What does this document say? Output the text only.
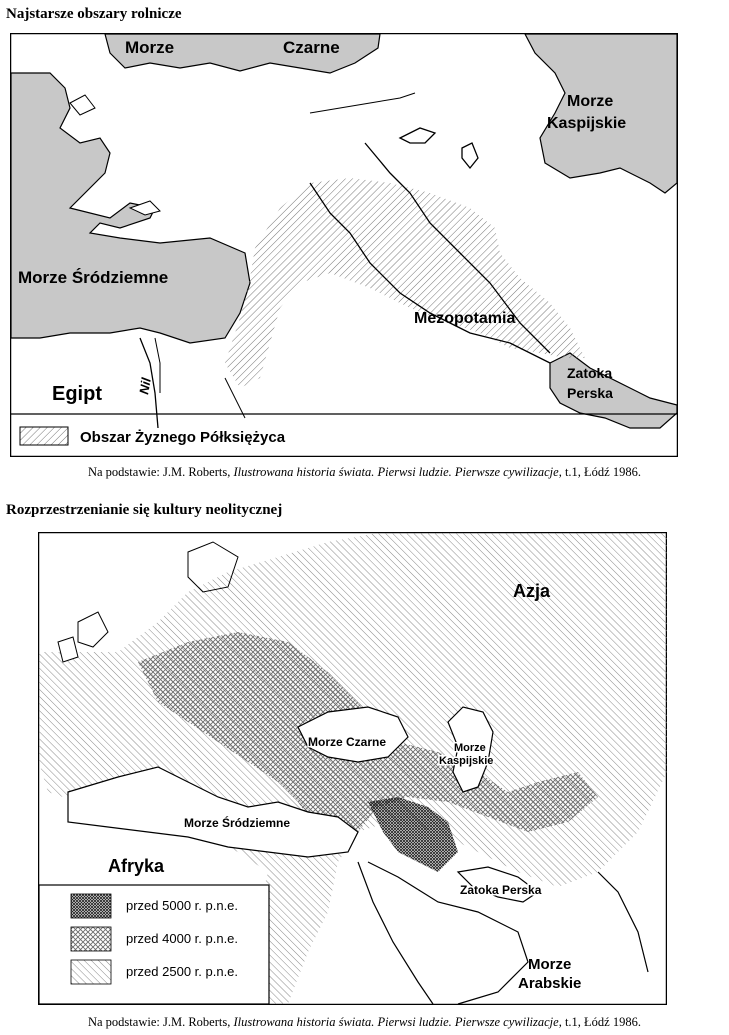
Najstarsze obszary rolnicze
Morze	Czarne
Morze
Kaspijskie
Morze Śródziemne
Mezopotamia
Zatoka
Perska
Egipt	Nil
Obszar Żyznego Półksiężyca
Na podstawie: J.M. Roberts, Ilustrowana historia świata. Pierwsi ludzie. Pierwsze cywilizacje, t.1, Łódź 1986.
Rozprzestrzenianie się kultury neolitycznej
Azja
Morze Czarne	Morze
Kaspijskie
Morze Śródziemne
Afryka
Zatoka Perska
Morze
Arabskie
przed 5000 r. p.n.e.
przed 4000 r. p.n.e.
przed 2500 r. p.n.e.
Na podstawie: J.M. Roberts, Ilustrowana historia świata. Pierwsi ludzie. Pierwsze cywilizacje, t.1, Łódź 1986.
